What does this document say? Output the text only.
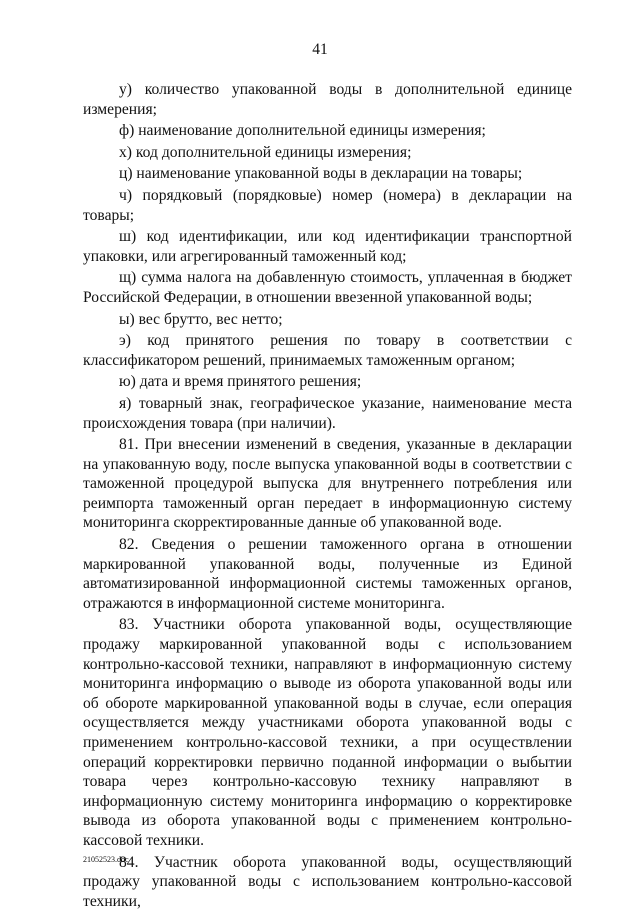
41

у) количество упакованной воды в дополнительной единице измерения;

ф) наименование дополнительной единицы измерения;

х) код дополнительной единицы измерения;

ц) наименование упакованной воды в декларации на товары;

ч) порядковый (порядковые) номер (номера) в декларации на товары;

ш) код идентификации, или код идентификации транспортной упаковки, или агрегированный таможенный код;

щ) сумма налога на добавленную стоимость, уплаченная в бюджет Российской Федерации, в отношении ввезенной упакованной воды;

ы) вес брутто, вес нетто;

э) код принятого решения по товару в соответствии с классификатором решений, принимаемых таможенным органом;

ю) дата и время принятого решения;

я) товарный знак, географическое указание, наименование места происхождения товара (при наличии).

81. При внесении изменений в сведения, указанные в декларации на упакованную воду, после выпуска упакованной воды в соответствии с таможенной процедурой выпуска для внутреннего потребления или реимпорта таможенный орган передает в информационную систему мониторинга скорректированные данные об упакованной воде.

82. Сведения о решении таможенного органа в отношении маркированной упакованной воды, полученные из Единой автоматизированной информационной системы таможенных органов, отражаются в информационной системе мониторинга.

83. Участники оборота упакованной воды, осуществляющие продажу маркированной упакованной воды с использованием контрольно-кассовой техники, направляют в информационную систему мониторинга информацию о выводе из оборота упакованной воды или об обороте маркированной упакованной воды в случае, если операция осуществляется между участниками оборота упакованной воды с применением контрольно-кассовой техники, а при осуществлении операций корректировки первично поданной информации о выбытии товара через контрольно-кассовую технику направляют в информационную систему мониторинга информацию о корректировке вывода из оборота упакованной воды с применением контрольно-кассовой техники.

84. Участник оборота упакованной воды, осуществляющий продажу упакованной воды с использованием контрольно-кассовой техники,

21052523.doc
